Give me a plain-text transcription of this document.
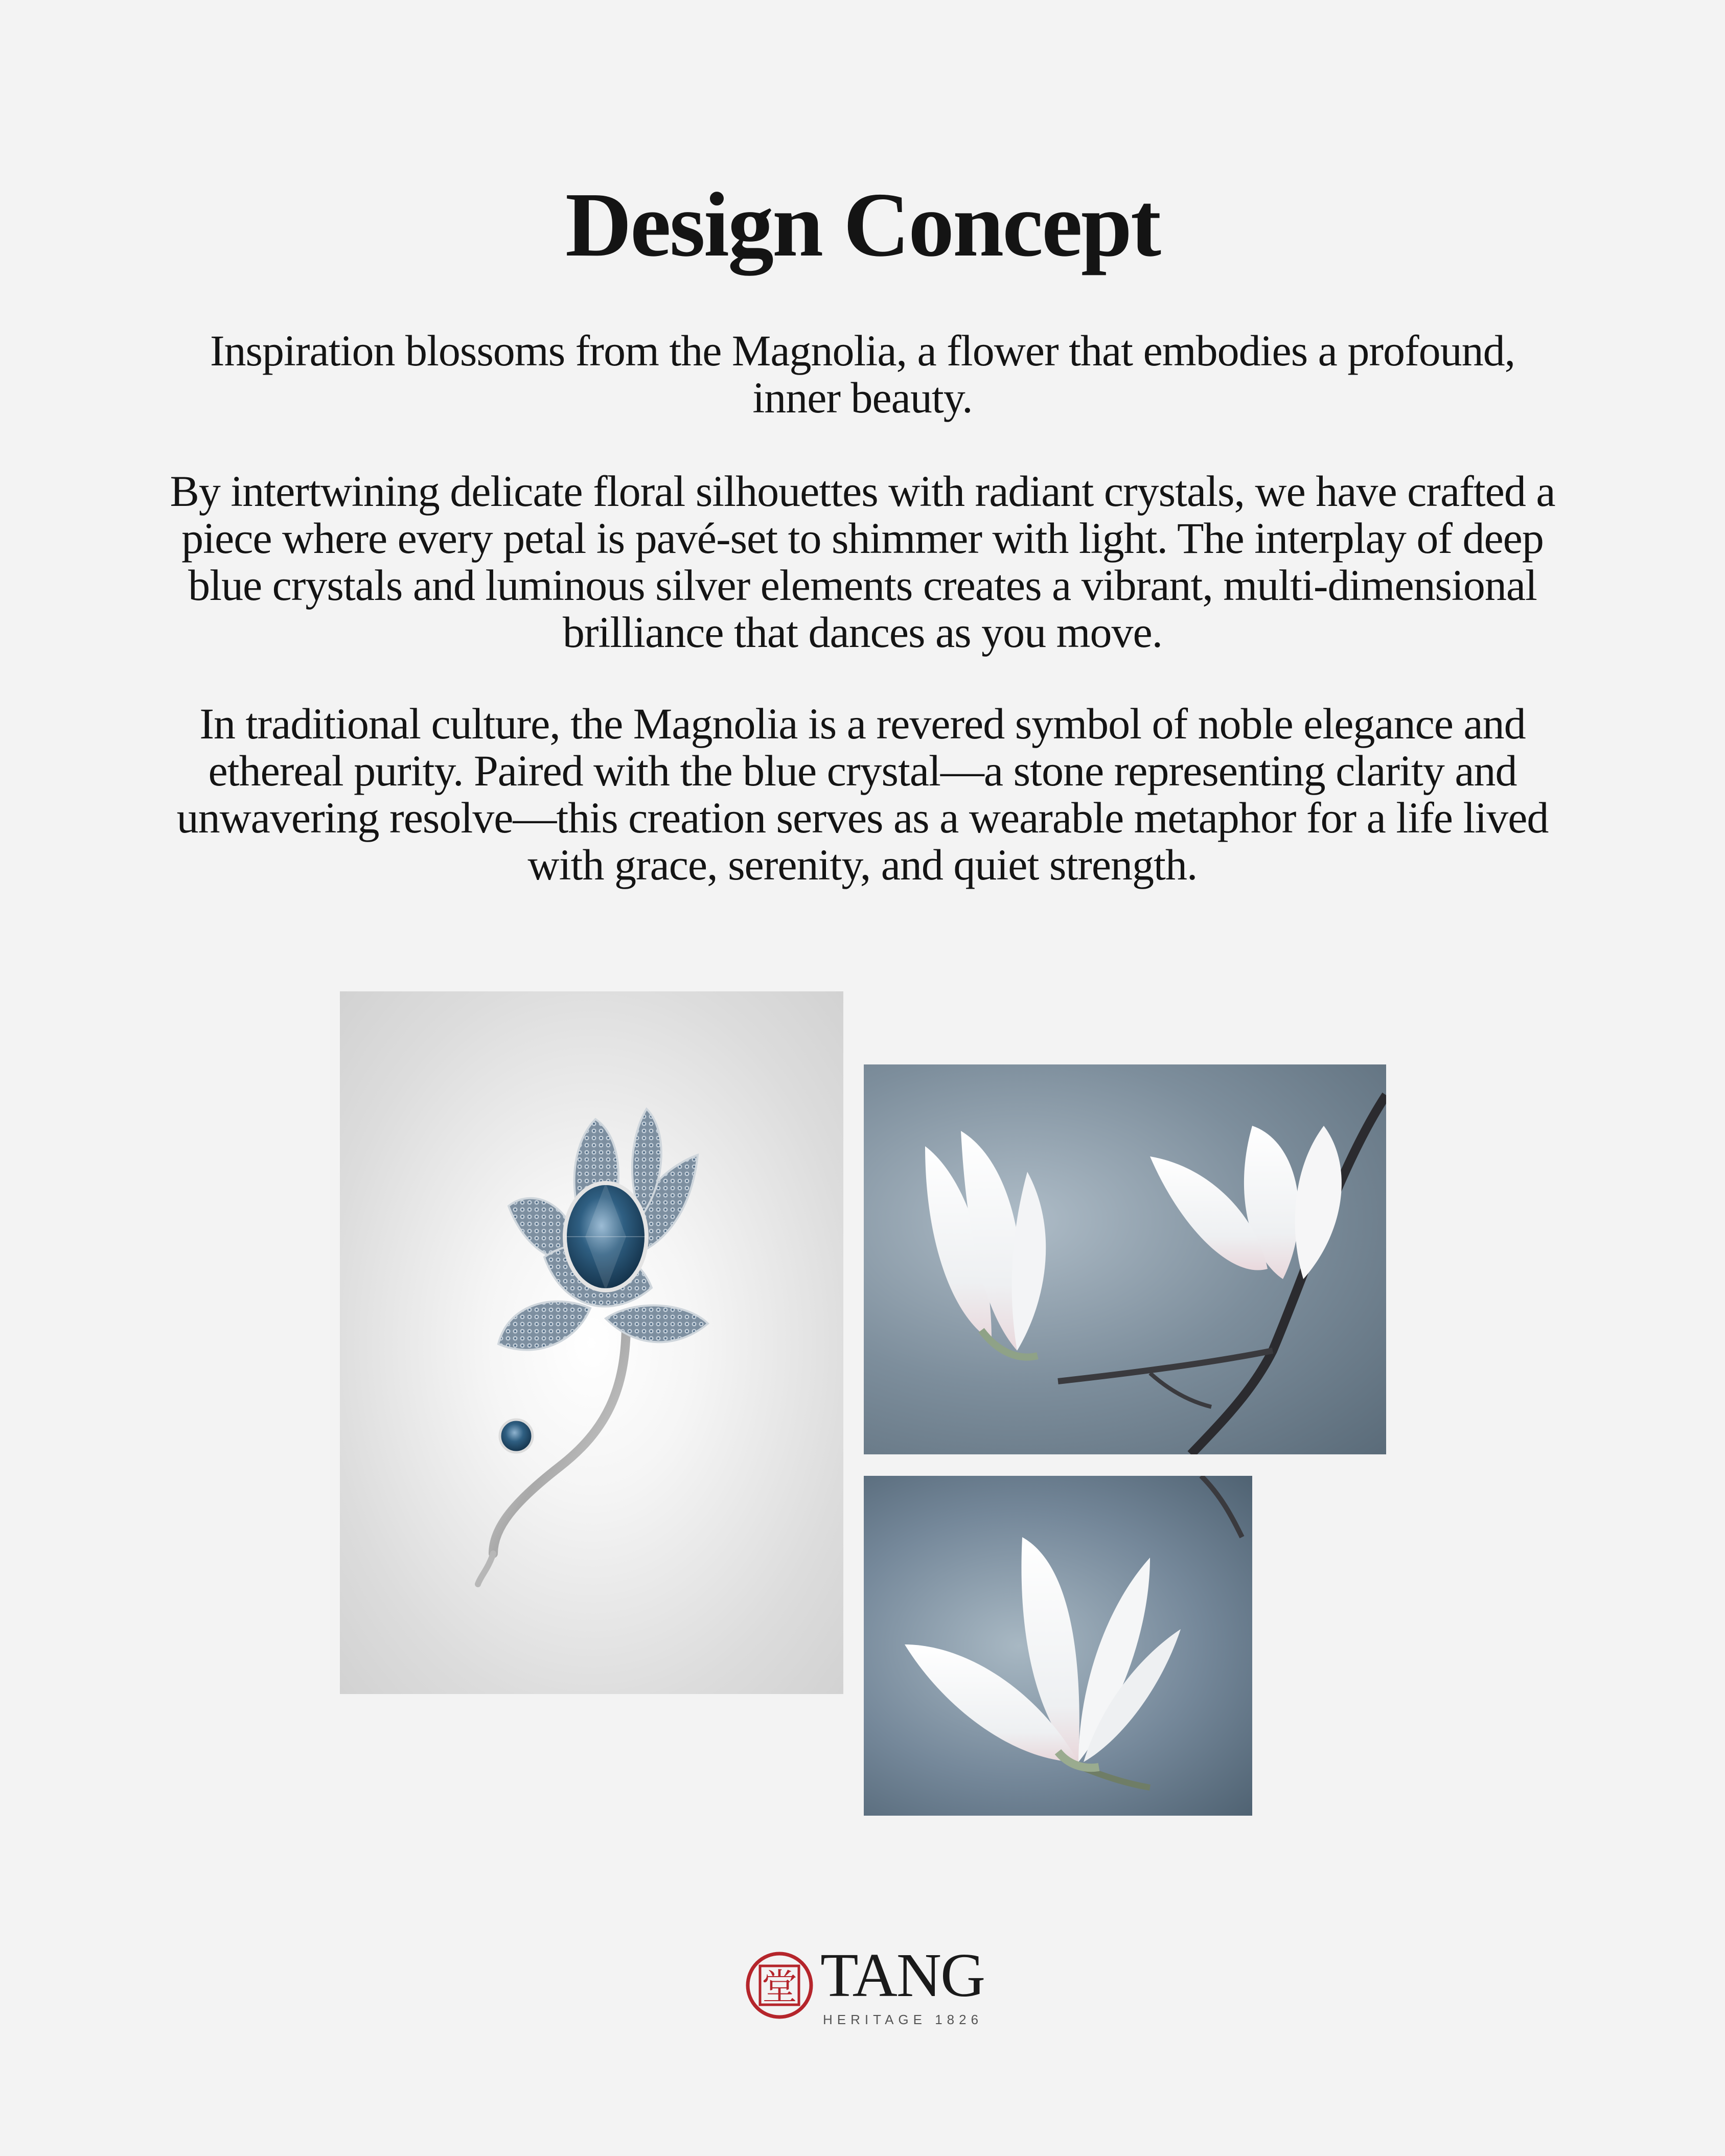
Design Concept

Inspiration blossoms from the Magnolia, a flower that embodies a profound, inner beauty.

By intertwining delicate floral silhouettes with radiant crystals, we have crafted a piece where every petal is pavé-set to shimmer with light. The interplay of deep blue crystals and luminous silver elements creates a vibrant, multi-dimensional brilliance that dances as you move.

In traditional culture, the Magnolia is a revered symbol of noble elegance and ethereal purity. Paired with the blue crystal—a stone representing clarity and unwavering resolve—this creation serves as a wearable metaphor for a life lived with grace, serenity, and quiet strength.

堂 TANG
HERITAGE 1826
